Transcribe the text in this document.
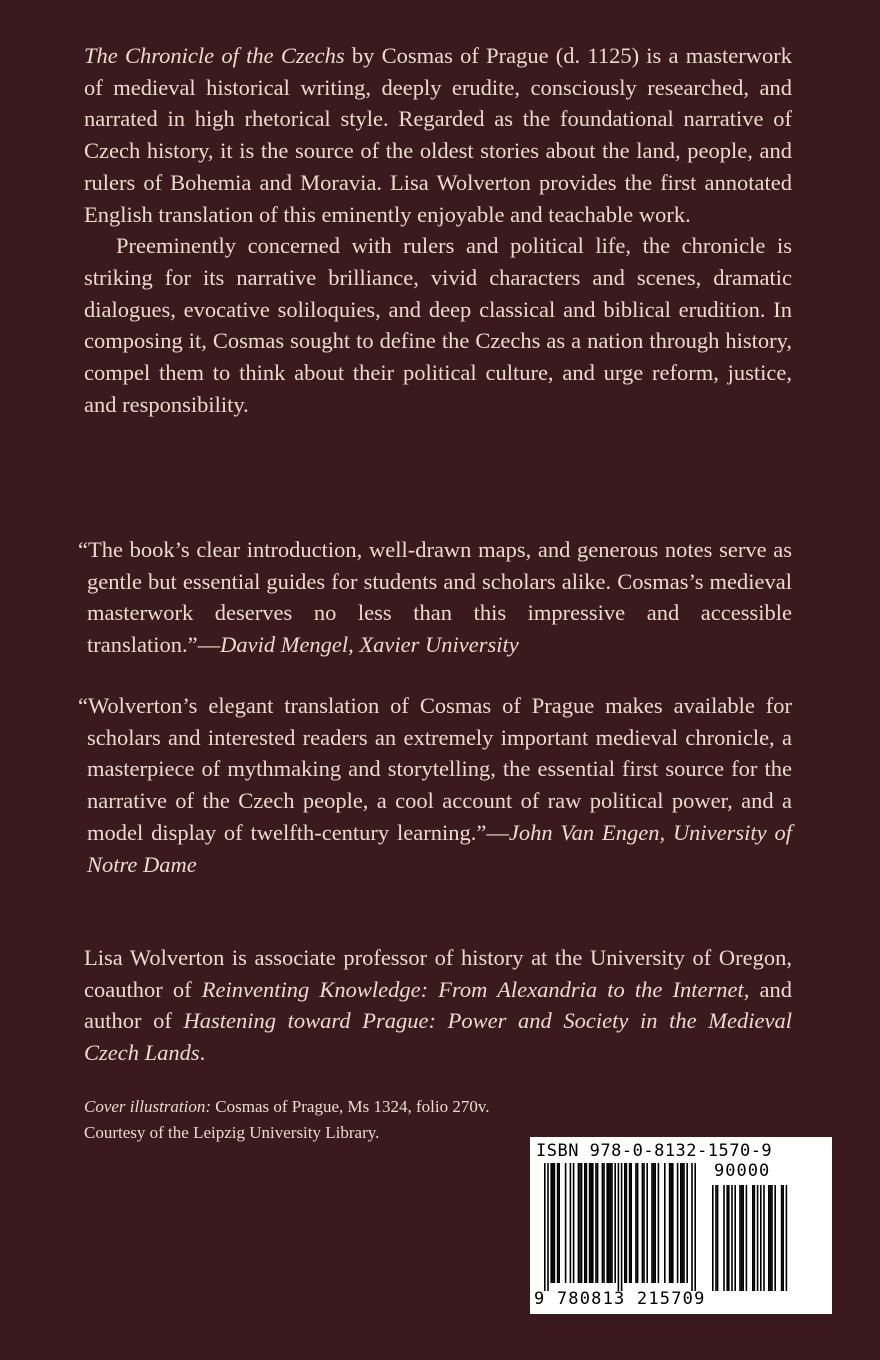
The Chronicle of the Czechs by Cosmas of Prague (d. 1125) is a masterwork of medieval historical writing, deeply erudite, consciously researched, and narrated in high rhetorical style. Regarded as the foundational narrative of Czech history, it is the source of the oldest stories about the land, people, and rulers of Bohemia and Moravia. Lisa Wolverton provides the first annotated English translation of this eminently enjoyable and teachable work.

Preeminently concerned with rulers and political life, the chronicle is striking for its narrative brilliance, vivid characters and scenes, dramatic dialogues, evocative soliloquies, and deep classical and biblical erudition. In composing it, Cosmas sought to define the Czechs as a nation through history, compel them to think about their political culture, and urge reform, justice, and responsibility.

“The book’s clear introduction, well-drawn maps, and generous notes serve as gentle but essential guides for students and scholars alike. Cosmas’s medieval masterwork deserves no less than this impressive and accessible translation.”—David Mengel, Xavier University

“Wolverton’s elegant translation of Cosmas of Prague makes available for scholars and interested readers an extremely important medieval chronicle, a masterpiece of mythmaking and storytelling, the essential first source for the narrative of the Czech people, a cool account of raw political power, and a model display of twelfth-century learning.”—John Van Engen, University of Notre Dame

Lisa Wolverton is associate professor of history at the University of Oregon, coauthor of Reinventing Knowledge: From Alexandria to the Internet, and author of Hastening toward Prague: Power and Society in the Medieval Czech Lands.

Cover illustration: Cosmas of Prague, Ms 1324, folio 270v.
Courtesy of the Leipzig University Library.
ISBN 978-0-8132-1570-9
90000
9 780813 215709
